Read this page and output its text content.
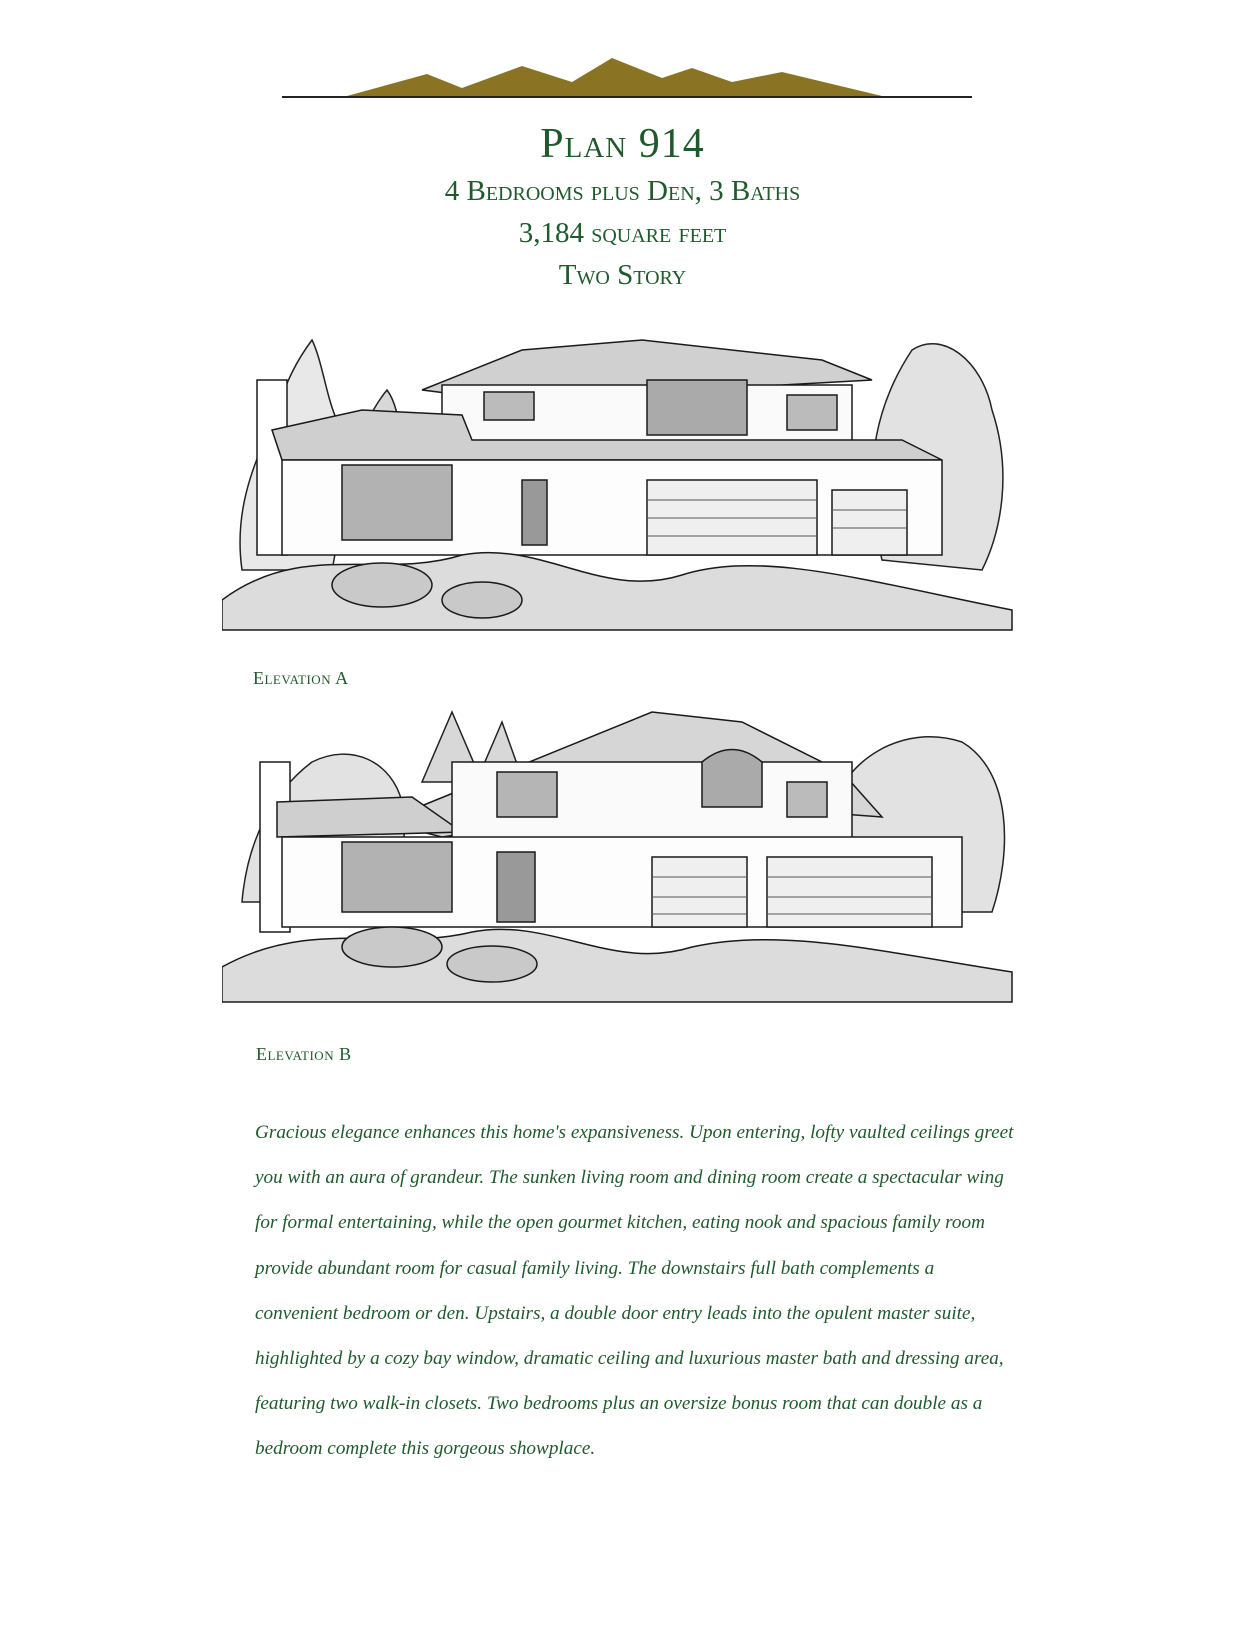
Plan 914
4 Bedrooms plus Den, 3 Baths
3,184 square feet
Two Story
Elevation A
Elevation B
Gracious elegance enhances this home's expansiveness. Upon entering, lofty vaulted ceilings greet you with an aura of grandeur. The sunken living room and dining room create a spectacular wing for formal entertaining, while the open gourmet kitchen, eating nook and spacious family room provide abundant room for casual family living. The downstairs full bath complements a convenient bedroom or den. Upstairs, a double door entry leads into the opulent master suite, highlighted by a cozy bay window, dramatic ceiling and luxurious master bath and dressing area, featuring two walk-in closets. Two bedrooms plus an oversize bonus room that can double as a bedroom complete this gorgeous showplace.
